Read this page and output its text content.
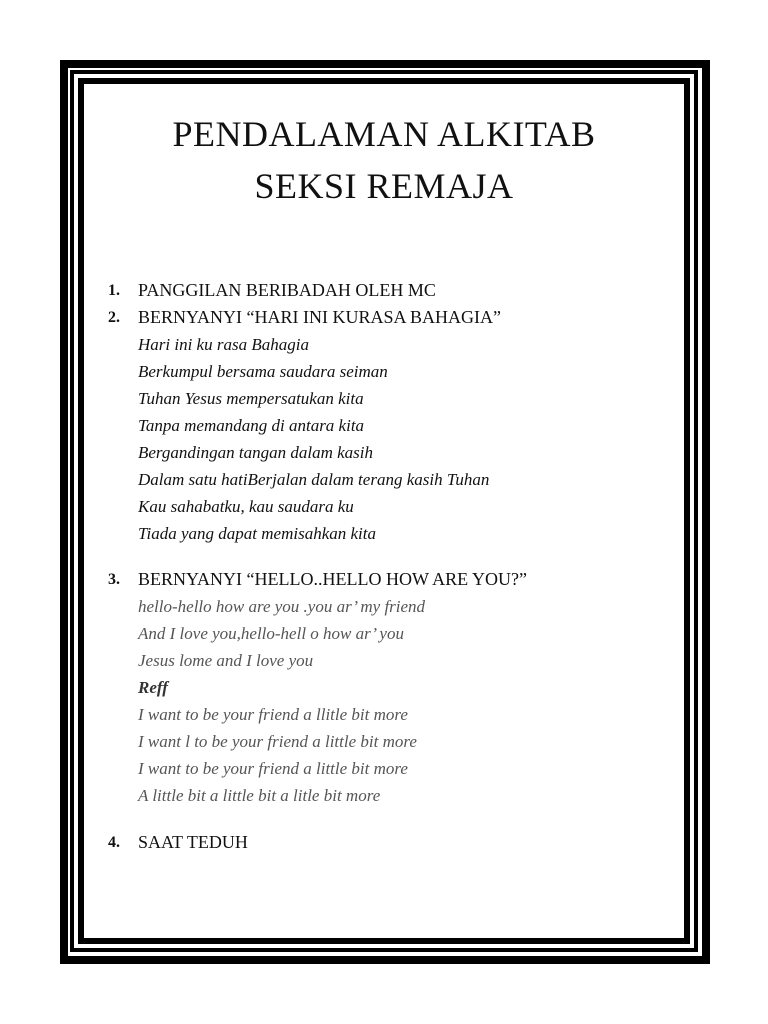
PENDALAMAN ALKITAB
SEKSI REMAJA
1.	PANGGILAN BERIBADAH OLEH MC
2.	BERNYANYI “HARI INI KURASA BAHAGIA”
Hari ini ku rasa Bahagia
Berkumpul bersama saudara seiman
Tuhan Yesus mempersatukan kita
Tanpa memandang di antara kita
Bergandingan tangan dalam kasih
Dalam satu hatiBerjalan dalam terang kasih Tuhan
Kau sahabatku, kau saudara ku
Tiada yang dapat memisahkan kita
3.	BERNYANYI “HELLO..HELLO HOW ARE YOU?”
hello-hello how are you .you ar’ my friend
And I love you,hello-hell o how ar’ you
Jesus lome and I love you
Reff
I want to be your friend a llitle bit more
I want l to be your friend a little bit more
I want to be your friend a little bit more
A little bit a little bit a litle bit more
4.	SAAT TEDUH
